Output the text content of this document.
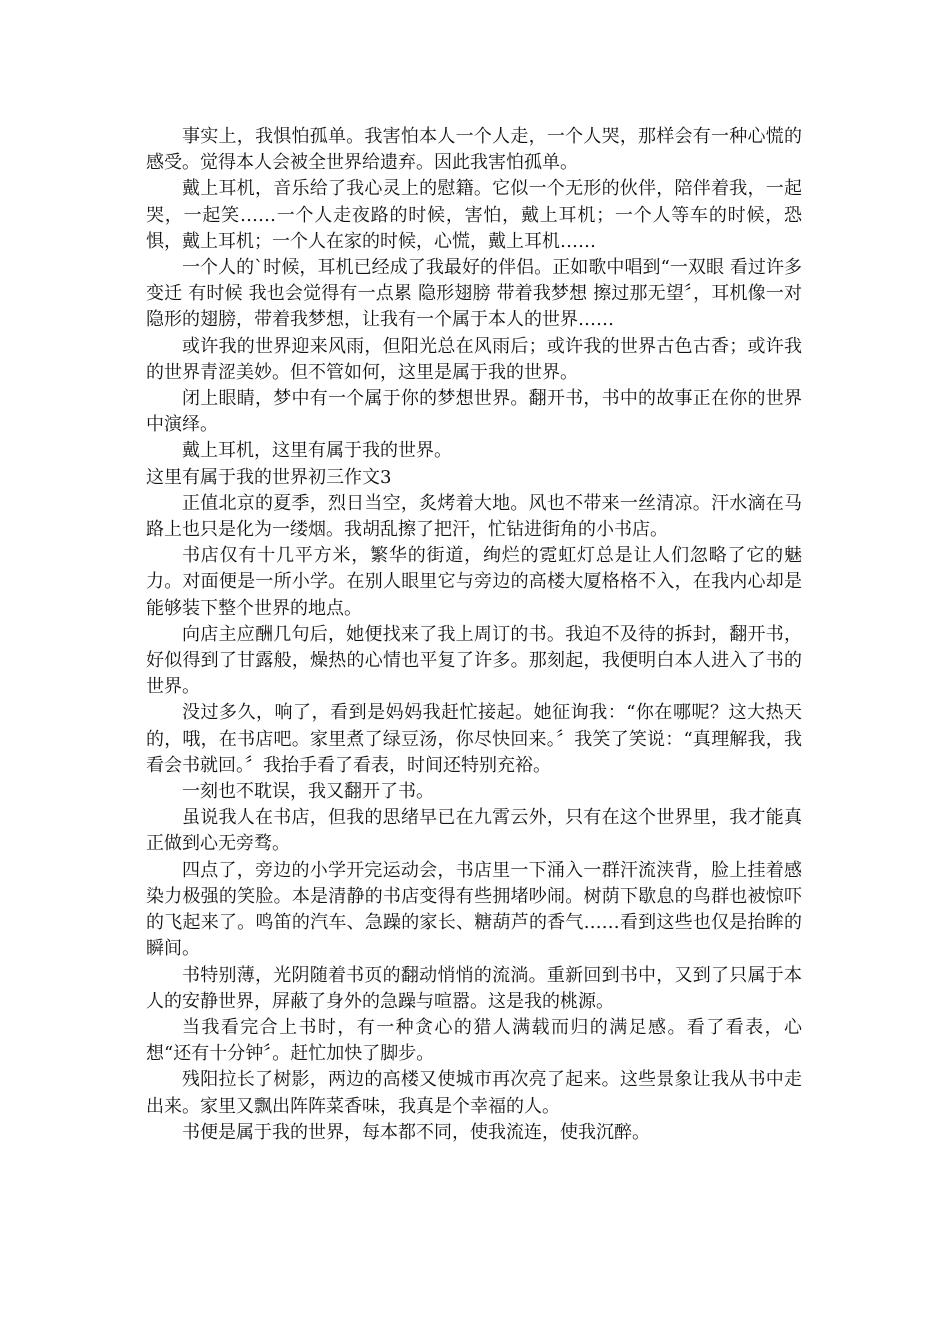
事实上，我惧怕孤单。我害怕本人一个人走，一个人哭，那样会有一种心慌的感受。觉得本人会被全世界给遗弃。因此我害怕孤单。

戴上耳机，音乐给了我心灵上的慰籍。它似一个无形的伙伴，陪伴着我，一起哭，一起笑……一个人走夜路的时候，害怕，戴上耳机；一个人等车的时候，恐惧，戴上耳机；一个人在家的时候，心慌，戴上耳机……

一个人的`时候，耳机已经成了我最好的伴侣。正如歌中唱到“一双眼 看过许多变迁 有时候 我也会觉得有一点累 隐形翅膀 带着我梦想 擦过那无望〞，耳机像一对隐形的翅膀，带着我梦想，让我有一个属于本人的世界……

或许我的世界迎来风雨，但阳光总在风雨后；或许我的世界古色古香；或许我的世界青涩美妙。但不管如何，这里是属于我的世界。

闭上眼睛，梦中有一个属于你的梦想世界。翻开书，书中的故事正在你的世界中演绎。

戴上耳机，这里有属于我的世界。

这里有属于我的世界初三作文3

正值北京的夏季，烈日当空，炙烤着大地。风也不带来一丝清凉。汗水滴在马路上也只是化为一缕烟。我胡乱擦了把汗，忙钻进街角的小书店。

书店仅有十几平方米，繁华的街道，绚烂的霓虹灯总是让人们忽略了它的魅力。对面便是一所小学。在别人眼里它与旁边的高楼大厦格格不入，在我内心却是能够装下整个世界的地点。

向店主应酬几句后，她便找来了我上周订的书。我迫不及待的拆封，翻开书，好似得到了甘露般，燥热的心情也平复了许多。那刻起，我便明白本人进入了书的世界。

没过多久，响了，看到是妈妈我赶忙接起。她征询我：“你在哪呢？这大热天的，哦，在书店吧。家里煮了绿豆汤，你尽快回来。〞我笑了笑说：“真理解我，我看会书就回。〞我抬手看了看表，时间还特别充裕。

一刻也不耽误，我又翻开了书。

虽说我人在书店，但我的思绪早已在九霄云外，只有在这个世界里，我才能真正做到心无旁骛。

四点了，旁边的小学开完运动会，书店里一下涌入一群汗流浃背，脸上挂着感染力极强的笑脸。本是清静的书店变得有些拥堵吵闹。树荫下歇息的鸟群也被惊吓的飞起来了。鸣笛的汽车、急躁的家长、糖葫芦的香气……看到这些也仅是抬眸的瞬间。

书特别薄，光阴随着书页的翻动悄悄的流淌。重新回到书中，又到了只属于本人的安静世界，屏蔽了身外的急躁与喧嚣。这是我的桃源。

当我看完合上书时，有一种贪心的猎人满载而归的满足感。看了看表，心想“还有十分钟〞。赶忙加快了脚步。

残阳拉长了树影，两边的高楼又使城市再次亮了起来。这些景象让我从书中走出来。家里又飘出阵阵菜香味，我真是个幸福的人。

书便是属于我的世界，每本都不同，使我流连，使我沉醉。
